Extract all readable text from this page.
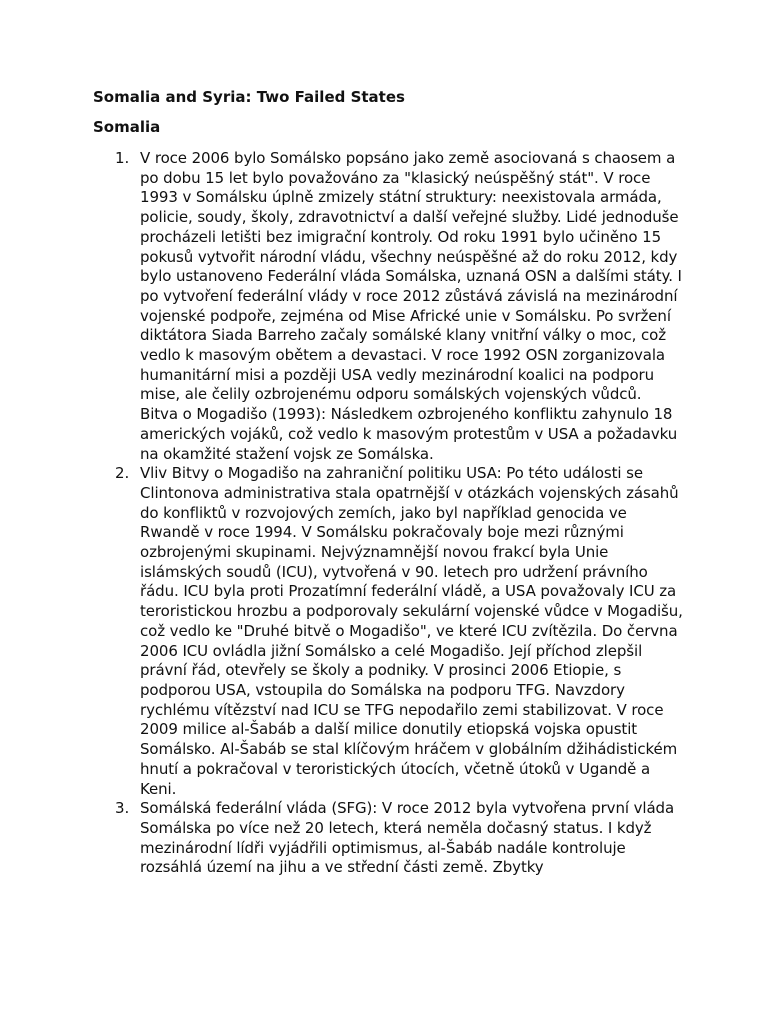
Somalia and Syria: Two Failed States
Somalia
1. V roce 2006 bylo Somálsko popsáno jako země asociovaná s chaosem a po dobu 15 let bylo považováno za "klasický neúspěšný stát". V roce 1993 v Somálsku úplně zmizely státní struktury: neexistovala armáda, policie, soudy, školy, zdravotnictví a další veřejné služby. Lidé jednoduše procházeli letišti bez imigrační kontroly. Od roku 1991 bylo učiněno 15 pokusů vytvořit národní vládu, všechny neúspěšné až do roku 2012, kdy bylo ustanoveno Federální vláda Somálska, uznaná OSN a dalšími státy. I po vytvoření federální vlády v roce 2012 zůstává závislá na mezinárodní vojenské podpoře, zejména od Mise Africké unie v Somálsku. Po svržení diktátora Siada Barreho začaly somálské klany vnitřní války o moc, což vedlo k masovým obětem a devastaci. V roce 1992 OSN zorganizovala humanitární misi a později USA vedly mezinárodní koalici na podporu mise, ale čelily ozbrojenému odporu somálských vojenských vůdců. Bitva o Mogadišo (1993): Následkem ozbrojeného konfliktu zahynulo 18 amerických vojáků, což vedlo k masovým protestům v USA a požadavku na okamžité stažení vojsk ze Somálska.
2. Vliv Bitvy o Mogadišo na zahraniční politiku USA: Po této události se Clintonova administrativa stala opatrnější v otázkách vojenských zásahů do konfliktů v rozvojových zemích, jako byl například genocida ve Rwandě v roce 1994. V Somálsku pokračovaly boje mezi různými ozbrojenými skupinami. Nejvýznamnější novou frakcí byla Unie islámských soudů (ICU), vytvořená v 90. letech pro udržení právního řádu. ICU byla proti Prozatímní federální vládě, a USA považovaly ICU za teroristickou hrozbu a podporovaly sekulární vojenské vůdce v Mogadišu, což vedlo ke "Druhé bitvě o Mogadišo", ve které ICU zvítězila. Do června 2006 ICU ovládla jižní Somálsko a celé Mogadišo. Její příchod zlepšil právní řád, otevřely se školy a podniky. V prosinci 2006 Etiopie, s podporou USA, vstoupila do Somálska na podporu TFG. Navzdory rychlému vítězství nad ICU se TFG nepodařilo zemi stabilizovat. V roce 2009 milice al-Šabáb a další milice donutily etiopská vojska opustit Somálsko. Al-Šabáb se stal klíčovým hráčem v globálním džihádistickém hnutí a pokračoval v teroristických útocích, včetně útoků v Ugandě a Keni.
3. Somálská federální vláda (SFG): V roce 2012 byla vytvořena první vláda Somálska po více než 20 letech, která neměla dočasný status. I když mezinárodní lídři vyjádřili optimismus, al-Šabáb nadále kontroluje rozsáhlá území na jihu a ve střední části země. Zbytky
